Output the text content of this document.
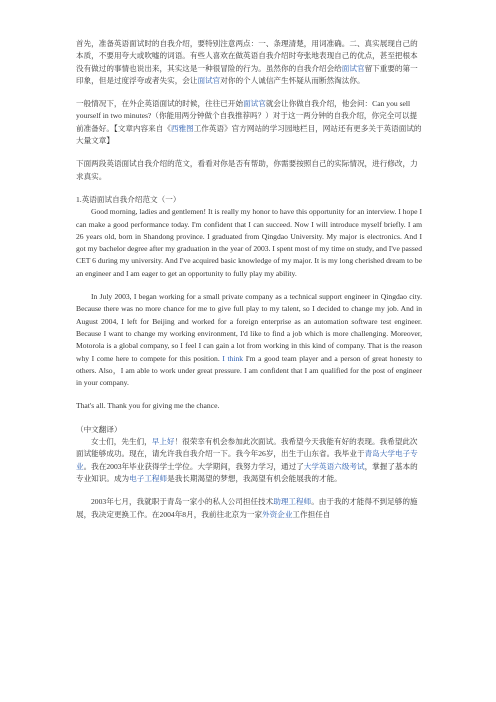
首先，准备英语面试时的自我介绍，要特别注意两点：一、条理清楚，用词准确。二、真实展现自己的本质，不要用夸大或吹嘘的词语。有些人喜欢在做英语自我介绍时夸张地表现自己的优点，甚至把根本没有做过的事情也说出来，其实这是一种很冒险的行为。虽然你的自我介绍会给面试官留下重要的第一印象，但是过度浮夸或者失实，会让面试官对你的个人诚信产生怀疑从而断然淘汰你。

一般情况下，在外企英语面试的时候，往往已开始面试官就会让你做自我介绍，他会问：Can you sell yourself in two minutes?（你能用两分钟做个自我推荐吗？）对于这一两分钟的自我介绍，你完全可以提前准备好。【文章内容来自《西雅图工作英语》官方网站的学习园地栏目，网站还有更多关于英语面试的大量文章】

下面两段英语面试自我介绍的范文，看看对你是否有帮助，你需要按照自己的实际情况，进行修改，力求真实。

1.英语面试自我介绍范文（一）

Good morning, ladies and gentlemen! It is really my honor to have this opportunity for an interview. I hope I can make a good performance today. I'm confident that I can succeed. Now I will introduce myself briefly. I am 26 years old, born in Shandong province. I graduated from Qingdao University. My major is electronics. And I got my bachelor degree after my graduation in the year of 2003. I spent most of my time on study, and I've passed CET 6 during my university. And I've acquired basic knowledge of my major. It is my long cherished dream to be an engineer and I am eager to get an opportunity to fully play my ability.

In July 2003, I began working for a small private company as a technical support engineer in Qingdao city. Because there was no more chance for me to give full play to my talent, so I decided to change my job. And in August 2004, I left for Beijing and worked for a foreign enterprise as an automation software test engineer. Because I want to change my working environment, I'd like to find a job which is more challenging. Moreover, Motorola is a global company, so I feel I can gain a lot from working in this kind of company. That is the reason why I come here to compete for this position. I think I'm a good team player and a person of great honesty to others. Also，I am able to work under great pressure. I am confident that I am qualified for the post of engineer in your company.

That's all. Thank you for giving me the chance.

（中文翻译）

女士们，先生们，早上好！很荣幸有机会参加此次面试。我希望今天我能有好的表现。我希望此次面试能够成功。现在，请允许我自我介绍一下。我今年26岁，出生于山东省。我毕业于青岛大学电子专业。我在2003年毕业获得学士学位。大学期间，我努力学习，通过了大学英语六级考试，掌握了基本的专业知识。成为电子工程师是我长期渴望的梦想，我渴望有机会能展我的才能。

2003年七月，我就职于青岛一家小的私人公司担任技术助理工程师。由于我的才能得不到足够的施展，我决定更换工作。在2004年8月，我前往北京为一家外资企业工作担任自
